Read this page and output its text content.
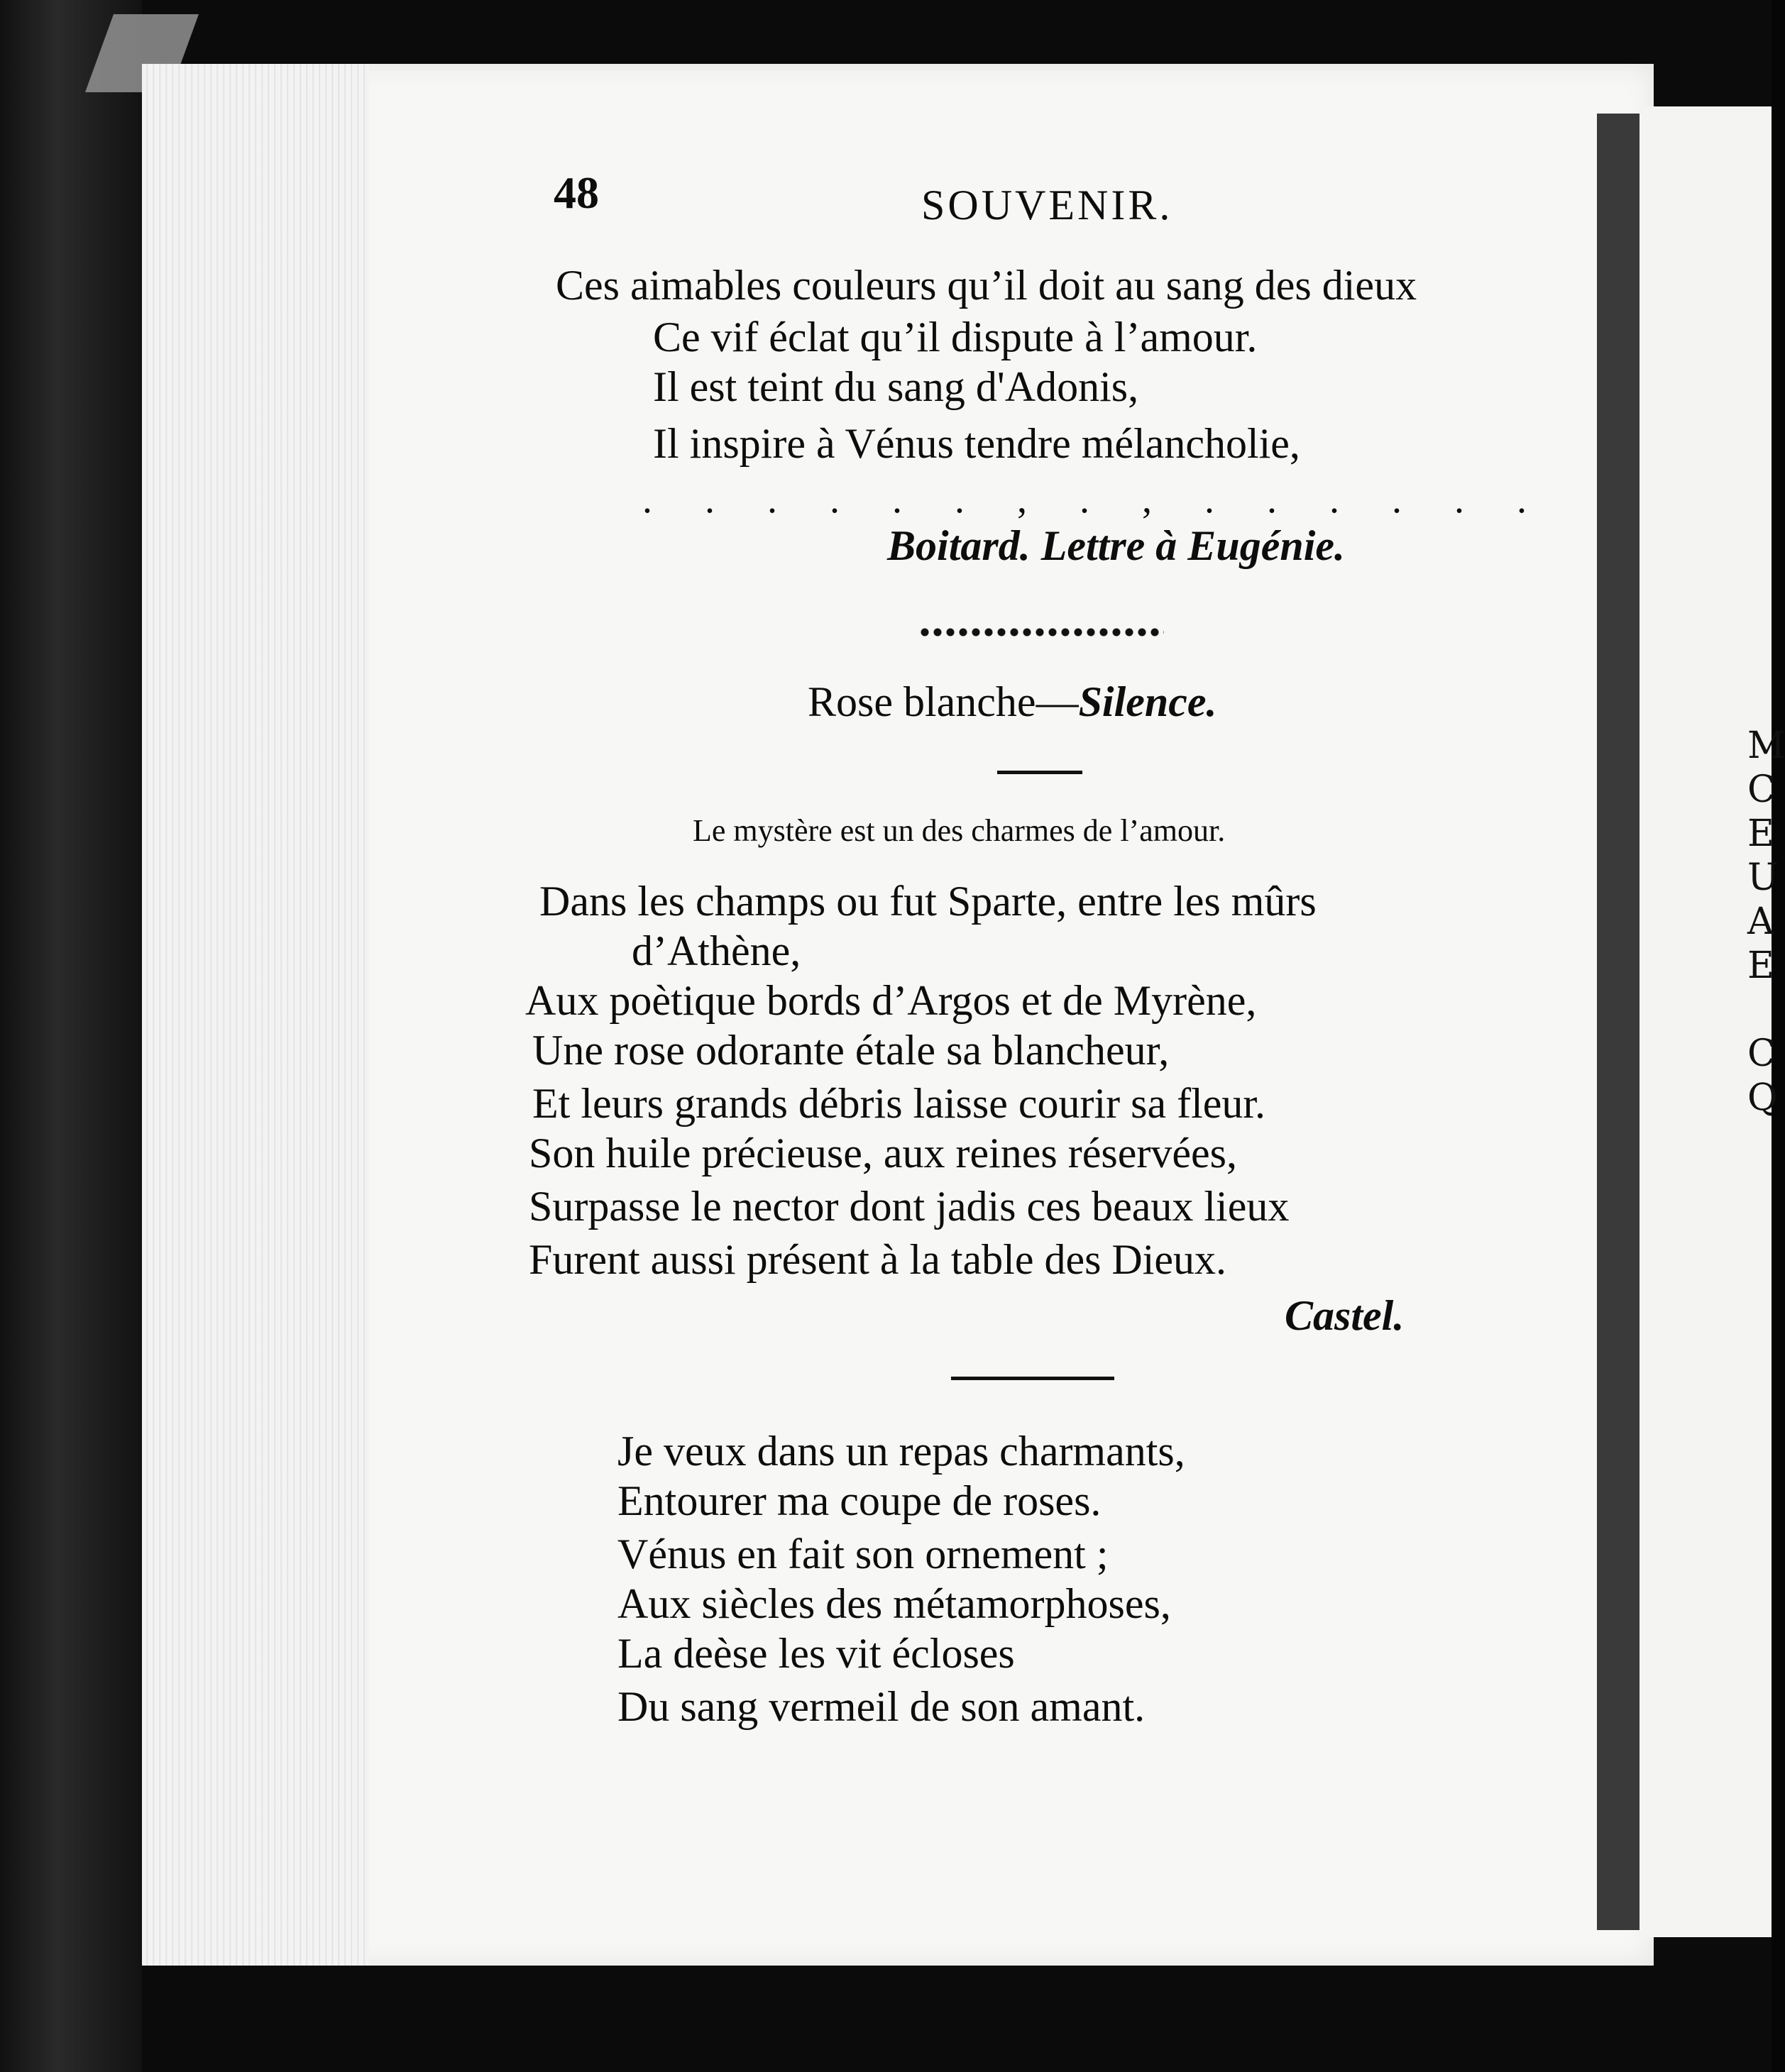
M
C
E
U
A
E
C
Q
48	SOUVENIR.
Ces aimables couleurs qu’il doit au sang des dieux
Ce vif éclat qu’il dispute à l’amour.
Il est teint du sang d'Adonis,
Il inspire à Vénus tendre mélancholie,
. . . . . . , . , . . . . . .
Boitard. Lettre à Eugénie.
Rose blanche—Silence.
Le mystère est un des charmes de l’amour.
Dans les champs ou fut Sparte, entre les mûrs
d’Athène,
Aux poètique bords d’Argos et de Myrène,
Une rose odorante étale sa blancheur,
Et leurs grands débris laisse courir sa fleur.
Son huile précieuse, aux reines réservées,
Surpasse le nector dont jadis ces beaux lieux
Furent aussi présent à la table des Dieux.
Castel.
Je veux dans un repas charmants,
Entourer ma coupe de roses.
Vénus en fait son ornement ;
Aux siècles des métamorphoses,
La deèse les vit écloses
Du sang vermeil de son amant.
